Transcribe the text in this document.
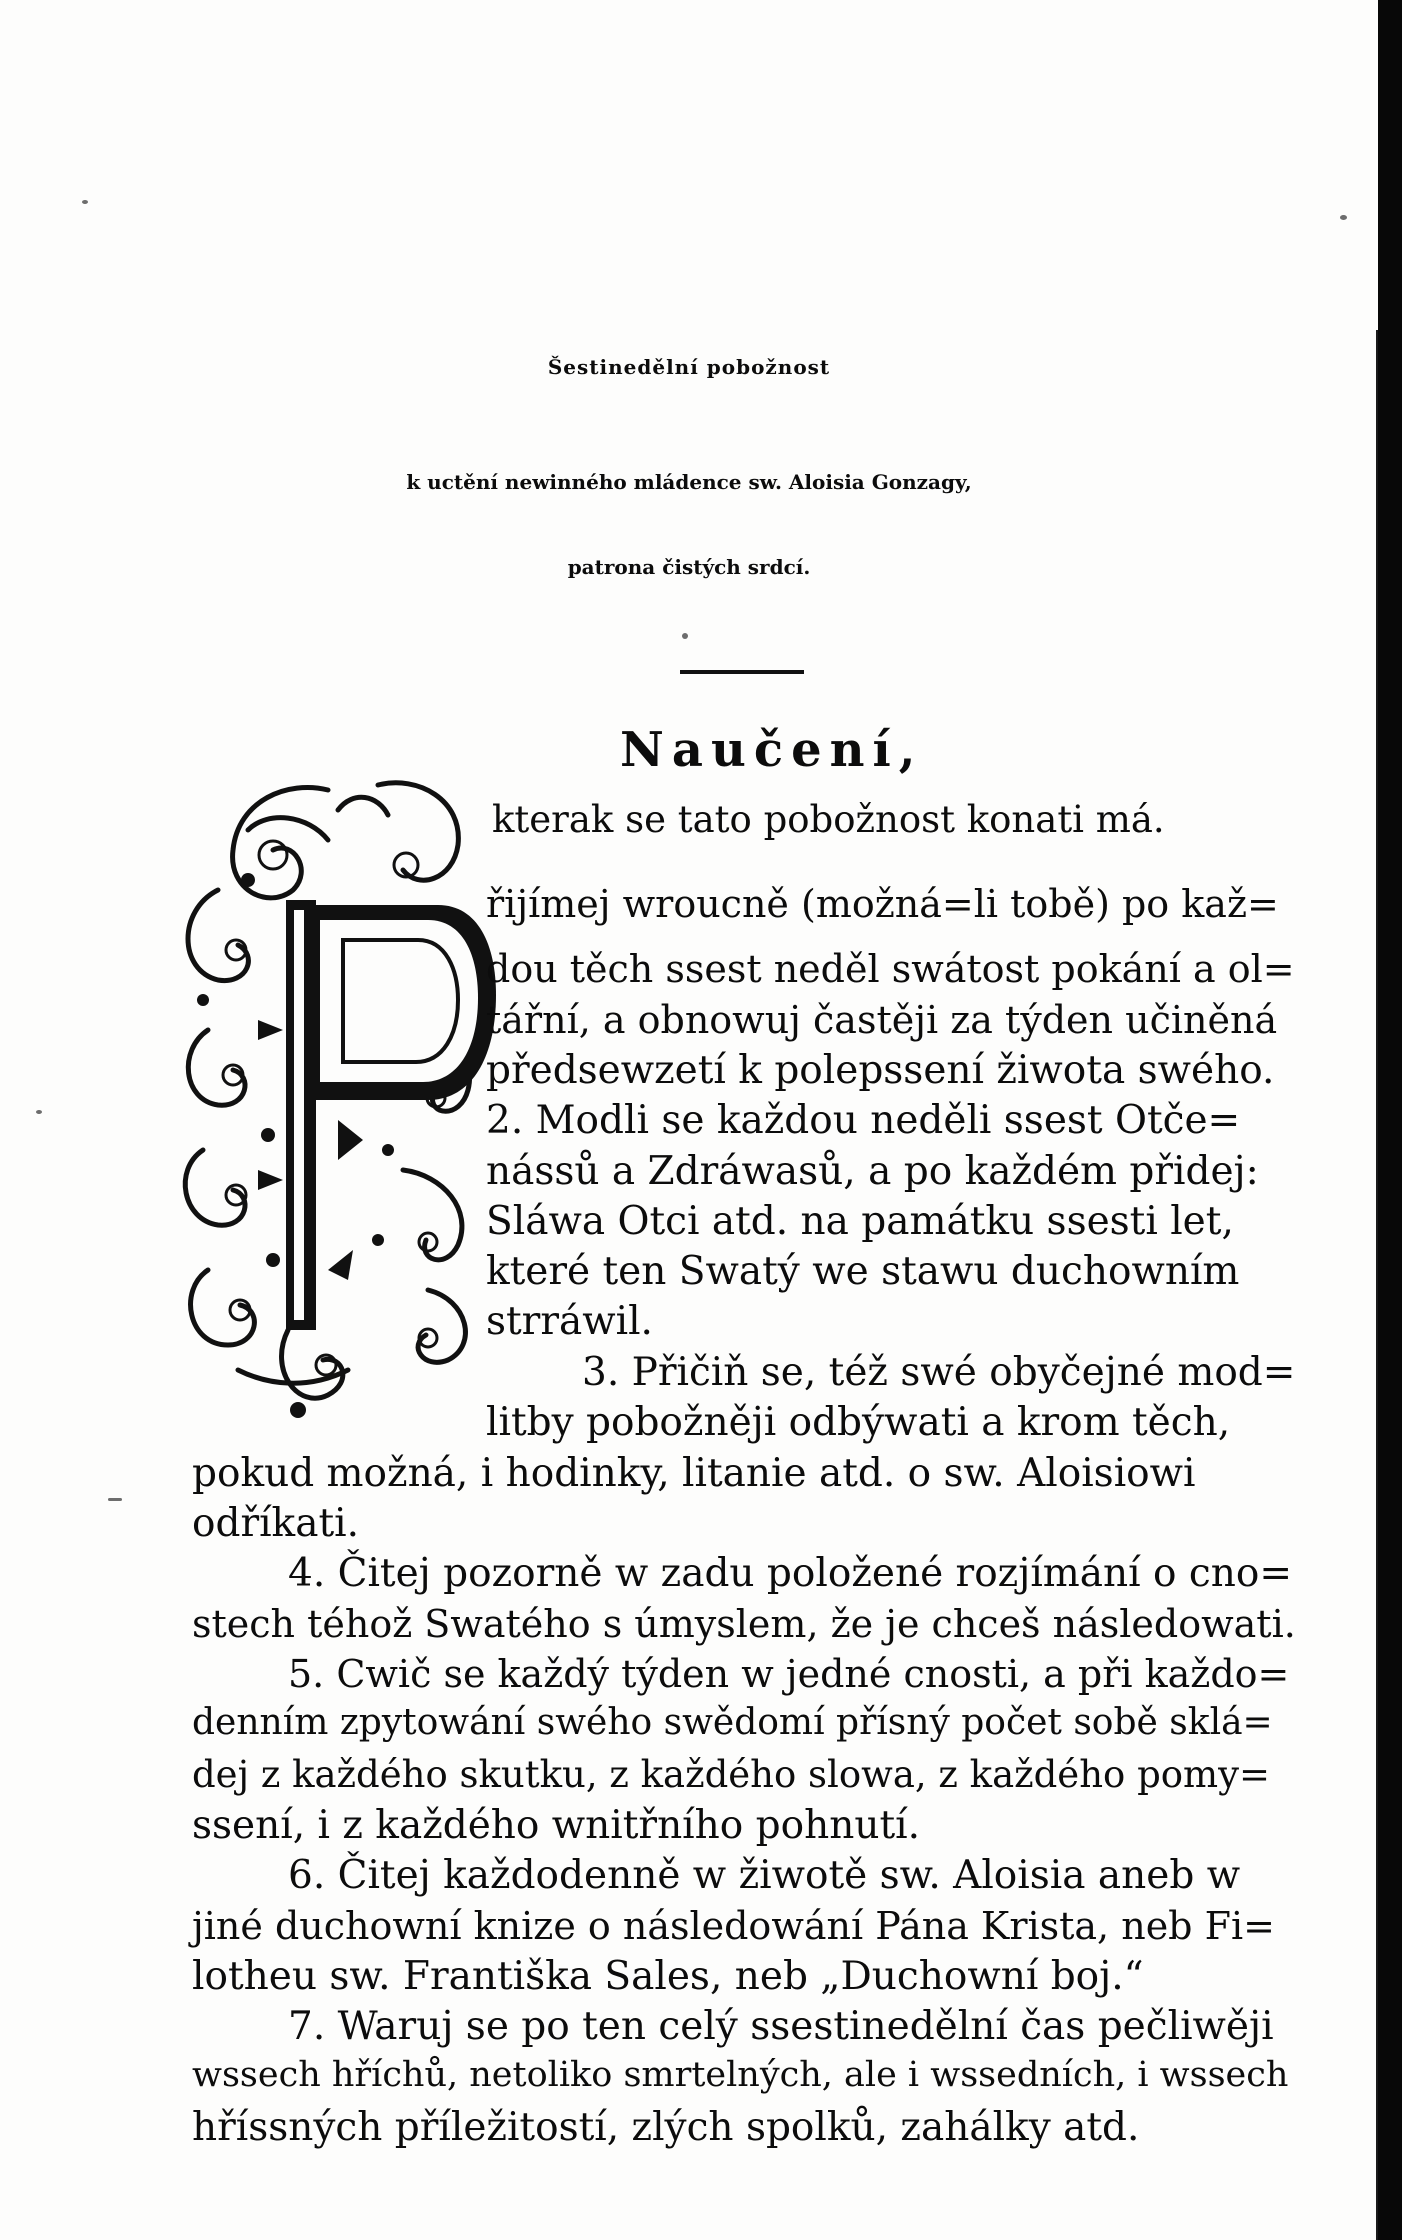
Šestinedělní pobožnost
k uctění newinného mládence sw. Aloisia Gonzagy,
patrona čistých srdcí.
Naučení,
kterak se tato pobožnost konati má.
řijímej wroucně (možná=li tobě) po kaž=
dou těch ssest neděl swátost pokání a ol=
tářní, a obnowuj častěji za týden učiněná
předsewzetí k polepssení žiwota swého.
2. Modli se každou neděli ssest Otče=
nássů a Zdráwasů, a po každém přidej:
Sláwa Otci atd. na památku ssesti let,
které ten Swatý we stawu duchowním
strráwil.
3. Přičiň se, též swé obyčejné mod=
litby pobožněji odbýwati a krom těch,
pokud možná, i hodinky, litanie atd. o sw. Aloisiowi
odříkati.
4. Čitej pozorně w zadu položené rozjímání o cno=
stech téhož Swatého s úmyslem, že je chceš následowati.
5. Cwič se každý týden w jedné cnosti, a při každo=
denním zpytowání swého swědomí přísný počet sobě sklá=
dej z každého skutku, z každého slowa, z každého pomy=
ssení, i z každého wnitřního pohnutí.
6. Čitej každodenně w žiwotě sw. Aloisia aneb w
jiné duchowní knize o následowání Pána Krista, neb Fi=
lotheu sw. Františka Sales, neb „Duchowní boj.“
7. Waruj se po ten celý ssestinedělní čas pečliwěji
wssech hříchů, netoliko smrtelných, ale i wssedních, i wssech
hříssných příležitostí, zlých spolků, zahálky atd.
